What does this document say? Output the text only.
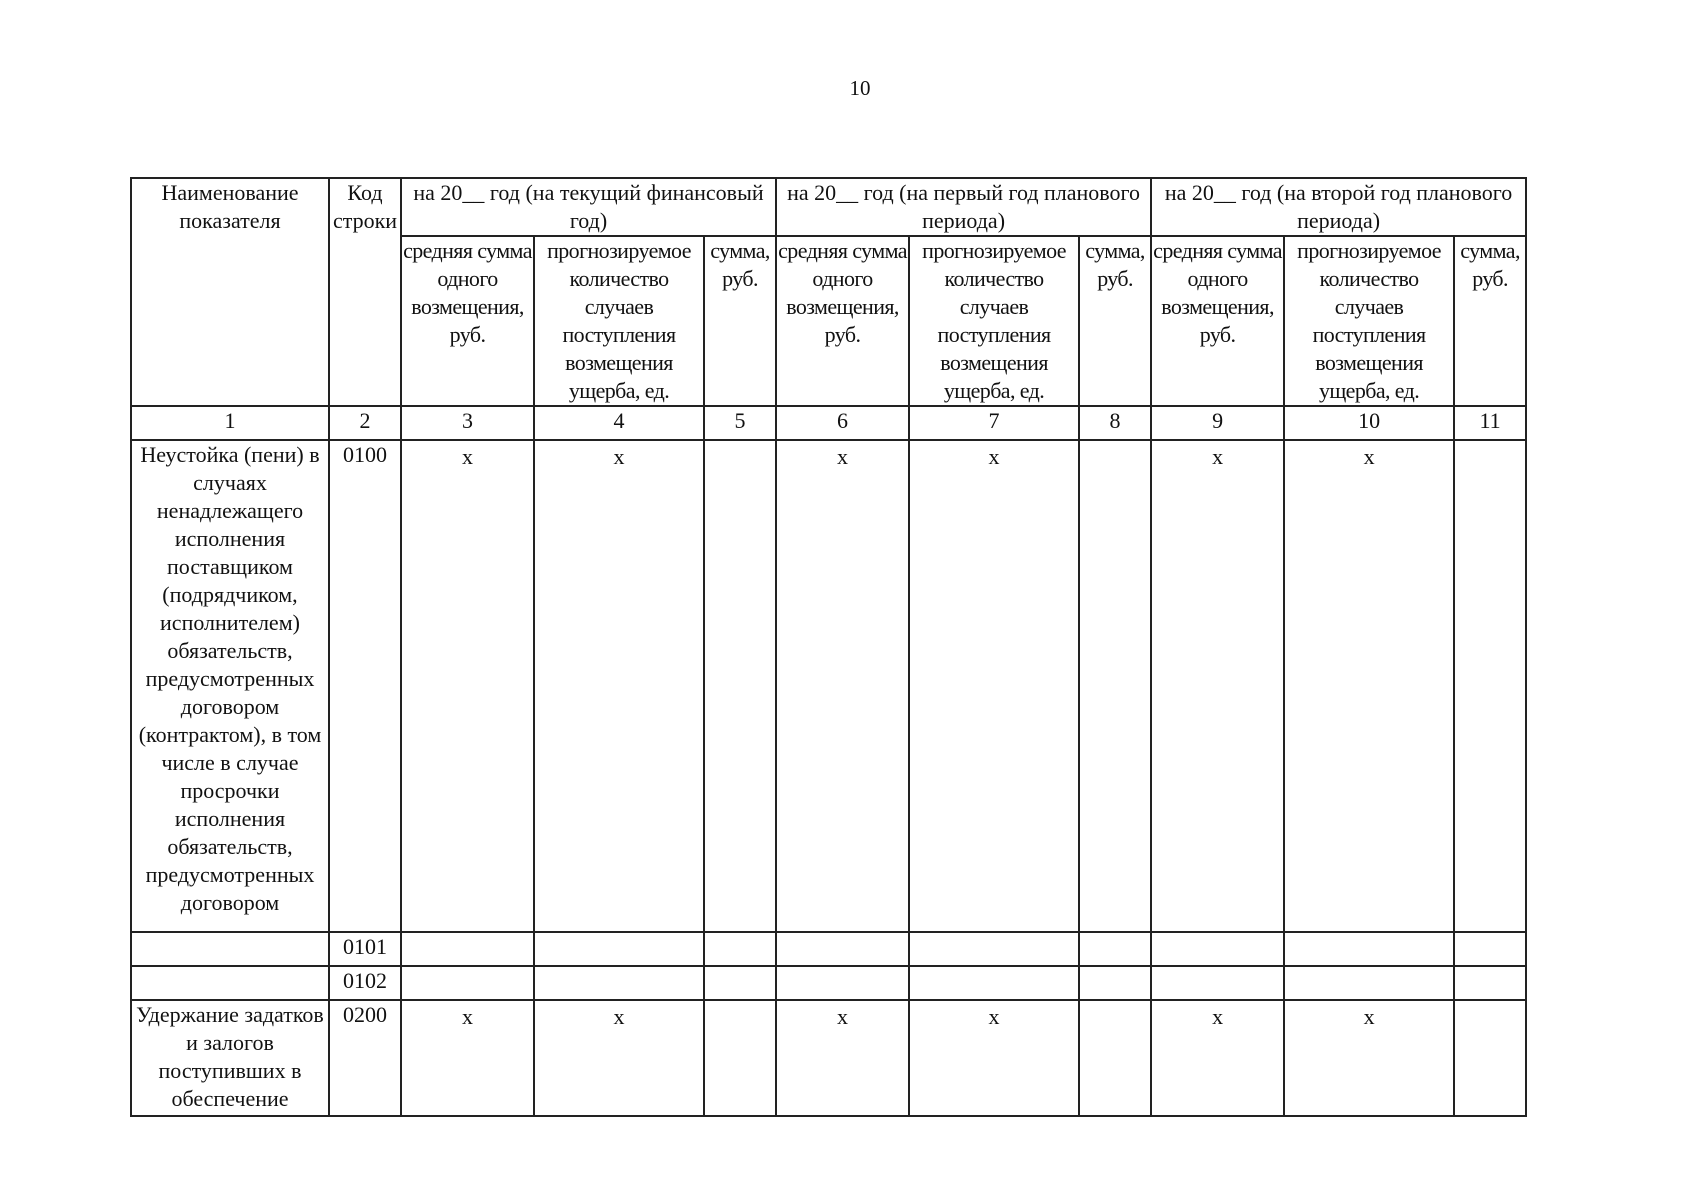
10
Наименование показателя	Код строки	на 20__ год (на текущий финансовый год)			на 20__ год (на первый год планового периода)			на 20__ год (на второй год планового периода)		
		средняя сумма одного возмещения, руб.	прогнозируемое количество случаев поступления возмещения ущерба, ед.	сумма, руб.	средняя сумма одного возмещения, руб.	прогнозируемое количество случаев поступления возмещения ущерба, ед.	сумма, руб.	средняя сумма одного возмещения, руб.	прогнозируемое количество случаев поступления возмещения ущерба, ед.	сумма, руб.
1	2	3	4	5	6	7	8	9	10	11
Неустойка (пени) в случаях ненадлежащего исполнения поставщиком (подрядчиком, исполнителем) обязательств, предусмотренных договором (контрактом), в том числе в случае просрочки исполнения обязательств, предусмотренных договором	0100	x	x		x	x		x	x	
	0101									
	0102									
Удержание задатков и залогов поступивших в обеспечение	0200	x	x		x	x		x	x	
